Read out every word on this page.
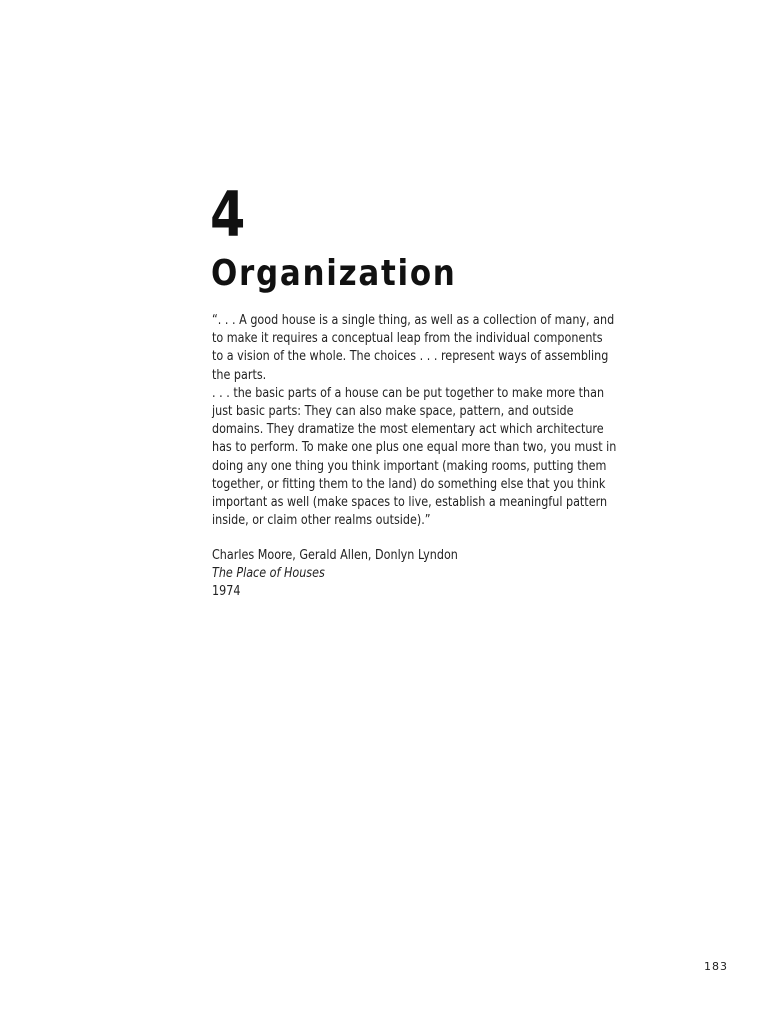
4
Organization
“. . . A good house is a single thing, as well as a collection of many, and
to make it requires a conceptual leap from the individual components
to a vision of the whole. The choices . . . represent ways of assembling
the parts.
. . . the basic parts of a house can be put together to make more than
just basic parts: They can also make space, pattern, and outside
domains. They dramatize the most elementary act which architecture
has to perform. To make one plus one equal more than two, you must in
doing any one thing you think important (making rooms, putting them
together, or fitting them to the land) do something else that you think
important as well (make spaces to live, establish a meaningful pattern
inside, or claim other realms outside).”
Charles Moore, Gerald Allen, Donlyn Lyndon
The Place of Houses
1974
183
